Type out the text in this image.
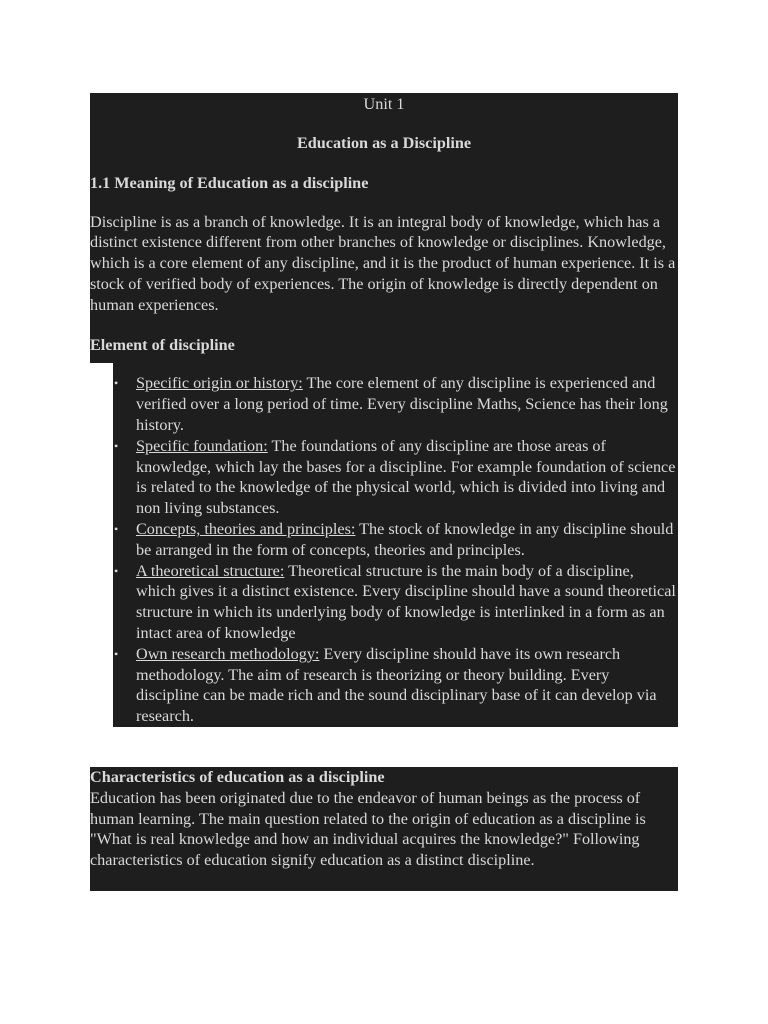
Unit 1

Education as a Discipline

1.1 Meaning of Education as a discipline

Discipline is as a branch of knowledge. It is an integral body of knowledge, which has a distinct existence different from other branches of knowledge or disciplines. Knowledge, which is a core element of any discipline, and it is the product of human experience. It is a stock of verified body of experiences. The origin of knowledge is directly dependent on human experiences.

Element of discipline

• Specific origin or history: The core element of any discipline is experienced and verified over a long period of time. Every discipline Maths, Science has their long history.
• Specific foundation: The foundations of any discipline are those areas of knowledge, which lay the bases for a discipline. For example foundation of science is related to the knowledge of the physical world, which is divided into living and non living substances.
• Concepts, theories and principles: The stock of knowledge in any discipline should be arranged in the form of concepts, theories and principles.
• A theoretical structure: Theoretical structure is the main body of a discipline, which gives it a distinct existence. Every discipline should have a sound theoretical structure in which its underlying body of knowledge is interlinked in a form as an intact area of knowledge
• Own research methodology: Every discipline should have its own research methodology. The aim of research is theorizing or theory building. Every discipline can be made rich and the sound disciplinary base of it can develop via research.

Characteristics of education as a discipline

Education has been originated due to the endeavor of human beings as the process of human learning. The main question related to the origin of education as a discipline is "What is real knowledge and how an individual acquires the knowledge?" Following characteristics of education signify education as a distinct discipline.
